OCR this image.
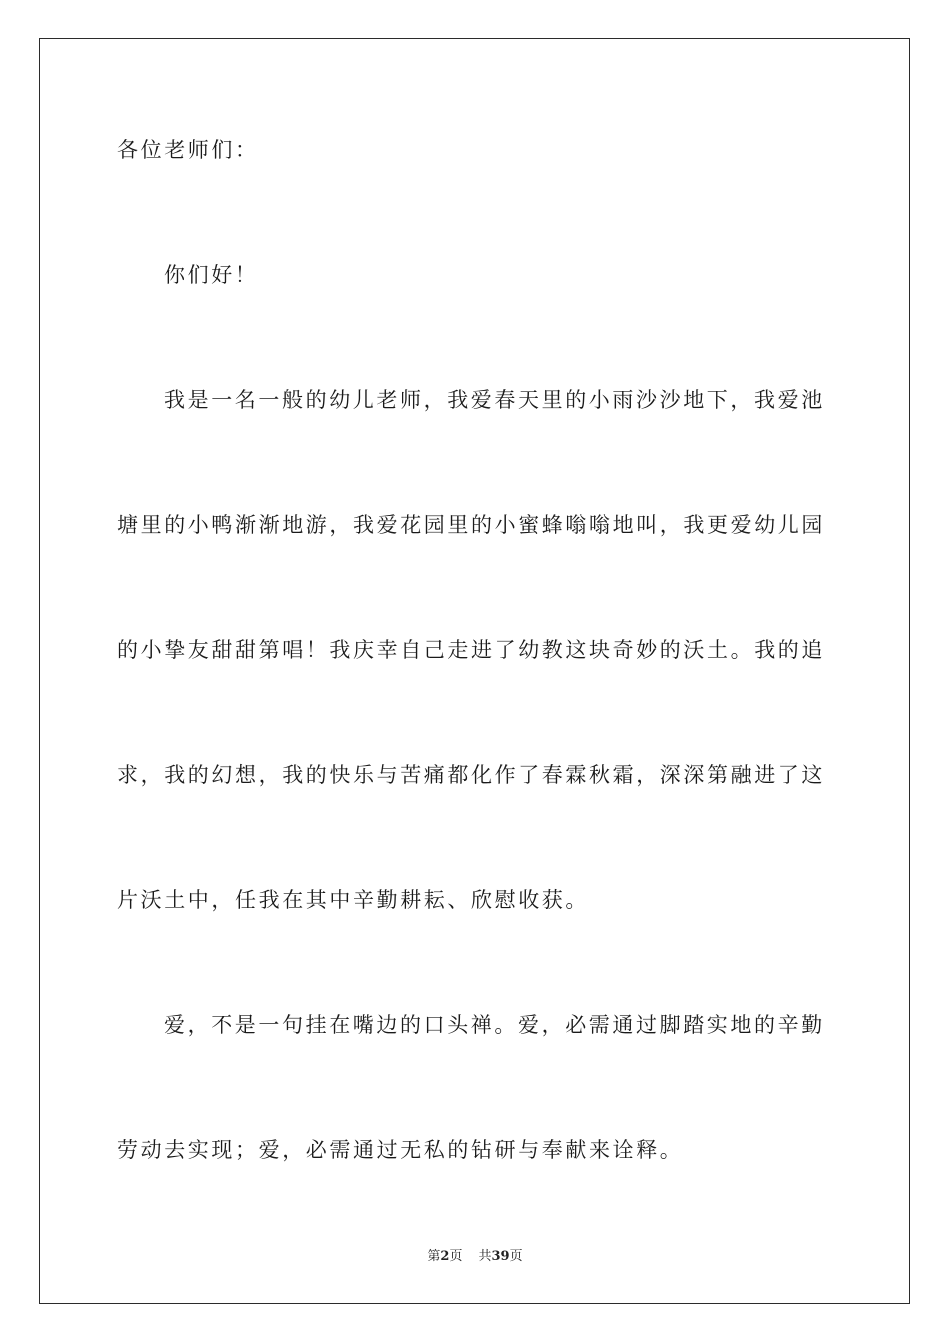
各位老师们：
你们好！
我是一名一般的幼儿老师，我爱春天里的小雨沙沙地下，我爱池
塘里的小鸭渐渐地游，我爱花园里的小蜜蜂嗡嗡地叫，我更爱幼儿园
的小挚友甜甜第唱！我庆幸自己走进了幼教这块奇妙的沃土。我的追
求，我的幻想，我的快乐与苦痛都化作了春霖秋霜，深深第融进了这
片沃土中，任我在其中辛勤耕耘、欣慰收获。
爱，不是一句挂在嘴边的口头禅。爱，必需通过脚踏实地的辛勤
劳动去实现；爱，必需通过无私的钻研与奉献来诠释。
第2页 共39页
